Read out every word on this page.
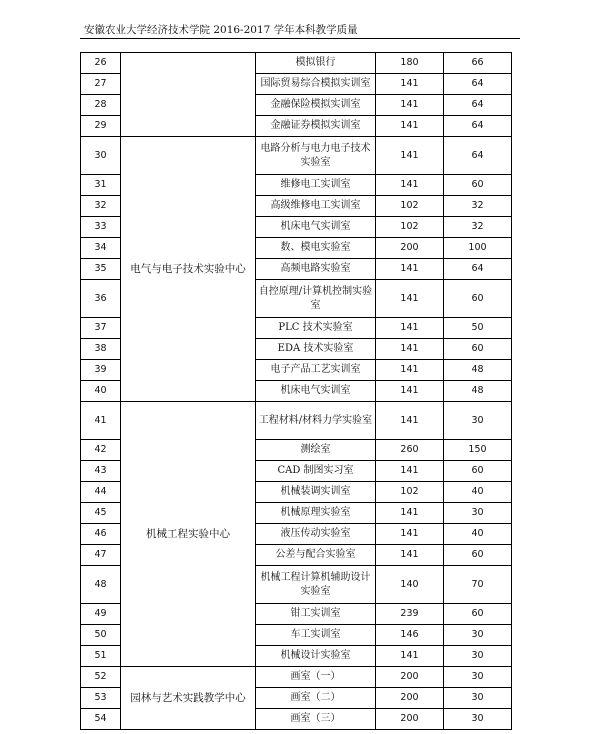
安徽农业大学经济技术学院 2016-2017 学年本科教学质量
26		模拟银行	180	66
27		国际贸易综合模拟实训室	141	64
28		金融保险模拟实训室	141	64
29		金融证券模拟实训室	141	64
30	电气与电子技术实验中心	电路分析与电力电子技术实验室	141	64
31		维修电工实训室	141	60
32		高级维修电工实训室	102	32
33		机床电气实训室	102	32
34		数、模电实验室	200	100
35		高频电路实验室	141	64
36		自控原理/计算机控制实验室	141	60
37		PLC 技术实验室	141	50
38		EDA 技术实验室	141	60
39		电子产品工艺实训室	141	48
40		机床电气实训室	141	48
41	机械工程实验中心	工程材料/材料力学实验室	141	30
42		测绘室	260	150
43		CAD 制图实习室	141	60
44		机械装调实训室	102	40
45		机械原理实验室	141	30
46		液压传动实验室	141	40
47		公差与配合实验室	141	60
48		机械工程计算机辅助设计实验室	140	70
49		钳工实训室	239	60
50		车工实训室	146	30
51		机械设计实验室	141	30
52	园林与艺术实践教学中心	画室（一）	200	30
53		画室（二）	200	30
54		画室（三）	200	30
